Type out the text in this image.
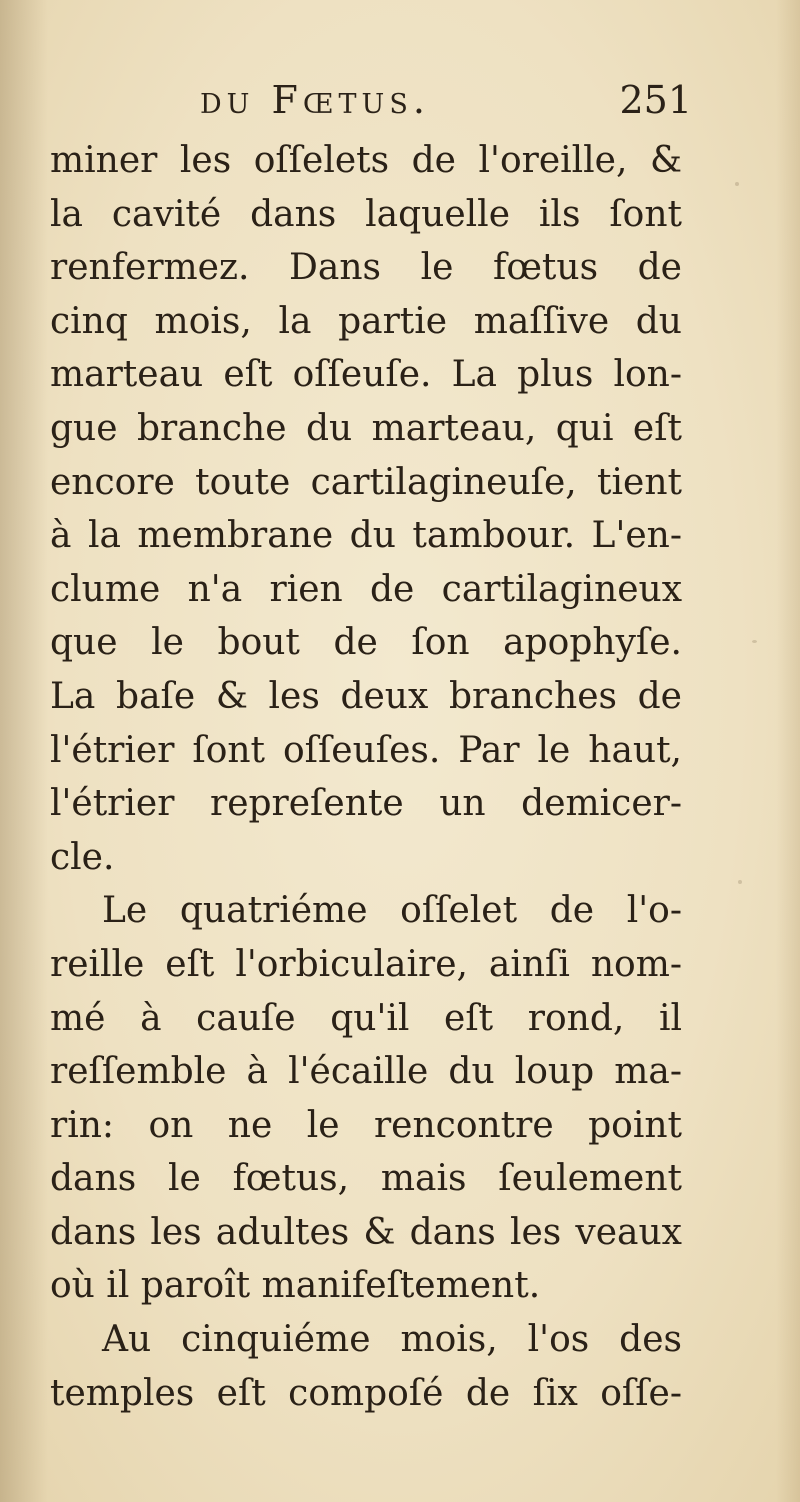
du Fœtus.	251
miner les oſſelets de l'oreille, &
la cavité dans laquelle ils ſont
renfermez. Dans le fœtus de
cinq mois, la partie maſſive du
marteau eſt oſſeuſe. La plus lon-
gue branche du marteau, qui eſt
encore toute cartilagineuſe, tient
à la membrane du tambour. L'en-
clume n'a rien de cartilagineux
que le bout de ſon apophyſe.
La baſe & les deux branches de
l'étrier ſont oſſeuſes. Par le haut,
l'étrier repreſente un demicer-
cle.
Le quatriéme oſſelet de l'o-
reille eſt l'orbiculaire, ainſi nom-
mé à cauſe qu'il eſt rond, il
reſſemble à l'écaille du loup ma-
rin: on ne le rencontre point
dans le fœtus, mais ſeulement
dans les adultes & dans les veaux
où il paroît manifeſtement.
Au cinquiéme mois, l'os des
temples eſt compoſé de ſix oſſe-
